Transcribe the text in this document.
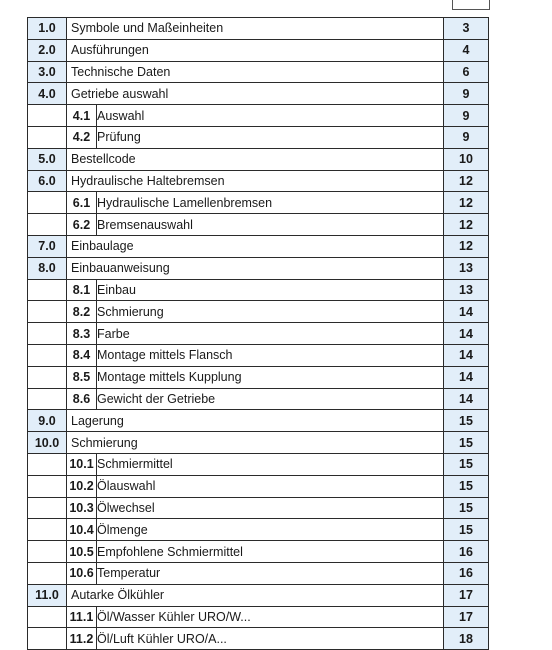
1.0	Symbole und Maßeinheiten		3
2.0	Ausführungen		4
3.0	Technische Daten		6
4.0	Getriebe auswahl		9
	4.1	Auswahl	9
	4.2	Prüfung	9
5.0	Bestellcode		10
6.0	Hydraulische Haltebremsen		12
	6.1	Hydraulische Lamellenbremsen	12
	6.2	Bremsenauswahl	12
7.0	Einbaulage		12
8.0	Einbauanweisung		13
	8.1	Einbau	13
	8.2	Schmierung	14
	8.3	Farbe	14
	8.4	Montage mittels Flansch	14
	8.5	Montage mittels Kupplung	14
	8.6	Gewicht der Getriebe	14
9.0	Lagerung		15
10.0	Schmierung		15
	10.1	Schmiermittel	15
	10.2	Ölauswahl	15
	10.3	Ölwechsel	15
	10.4	Ölmenge	15
	10.5	Empfohlene Schmiermittel	16
	10.6	Temperatur	16
11.0	Autarke Ölkühler		17
	11.1	Öl/Wasser Kühler URO/W...	17
	11.2	Öl/Luft Kühler URO/A...	18
